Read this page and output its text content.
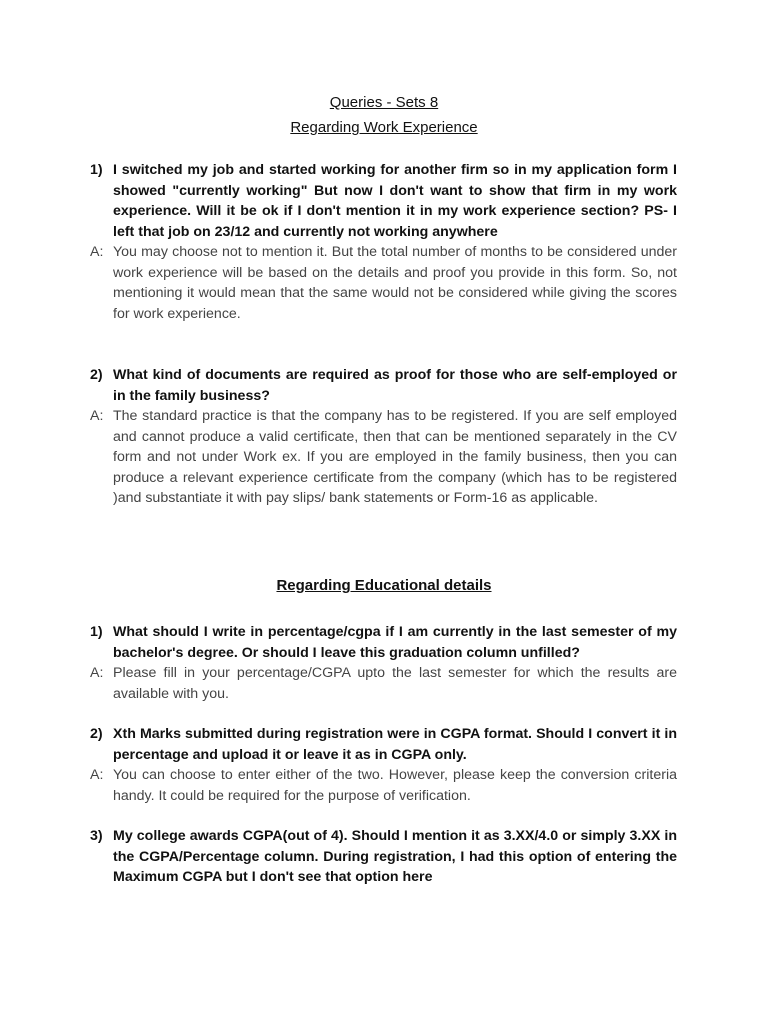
Queries - Sets 8
Regarding Work Experience

1) I switched my job and started working for another firm so in my application form I showed "currently working" But now I don't want to show that firm in my work experience. Will it be ok if I don't mention it in my work experience section? PS- I left that job on 23/12 and currently not working anywhere

A: You may choose not to mention it. But the total number of months to be considered under work experience will be based on the details and proof you provide in this form. So, not mentioning it would mean that the same would not be considered while giving the scores for work experience.

2) What kind of documents are required as proof for those who are self-employed or in the family business?

A: The standard practice is that the company has to be registered. If you are self employed and cannot produce a valid certificate, then that can be mentioned separately in the CV form and not under Work ex. If you are employed in the family business, then you can produce a relevant experience certificate from the company (which has to be registered )and substantiate it with pay slips/ bank statements or Form-16 as applicable.

Regarding Educational details

1) What should I write in percentage/cgpa if I am currently in the last semester of my bachelor's degree. Or should I leave this graduation column unfilled?

A: Please fill in your percentage/CGPA upto the last semester for which the results are available with you.

2) Xth Marks submitted during registration were in CGPA format. Should I convert it in percentage and upload it or leave it as in CGPA only.

A: You can choose to enter either of the two. However, please keep the conversion criteria handy. It could be required for the purpose of verification.

3) My college awards CGPA(out of 4). Should I mention it as 3.XX/4.0 or simply 3.XX in the CGPA/Percentage column. During registration, I had this option of entering the Maximum CGPA but I don't see that option here
